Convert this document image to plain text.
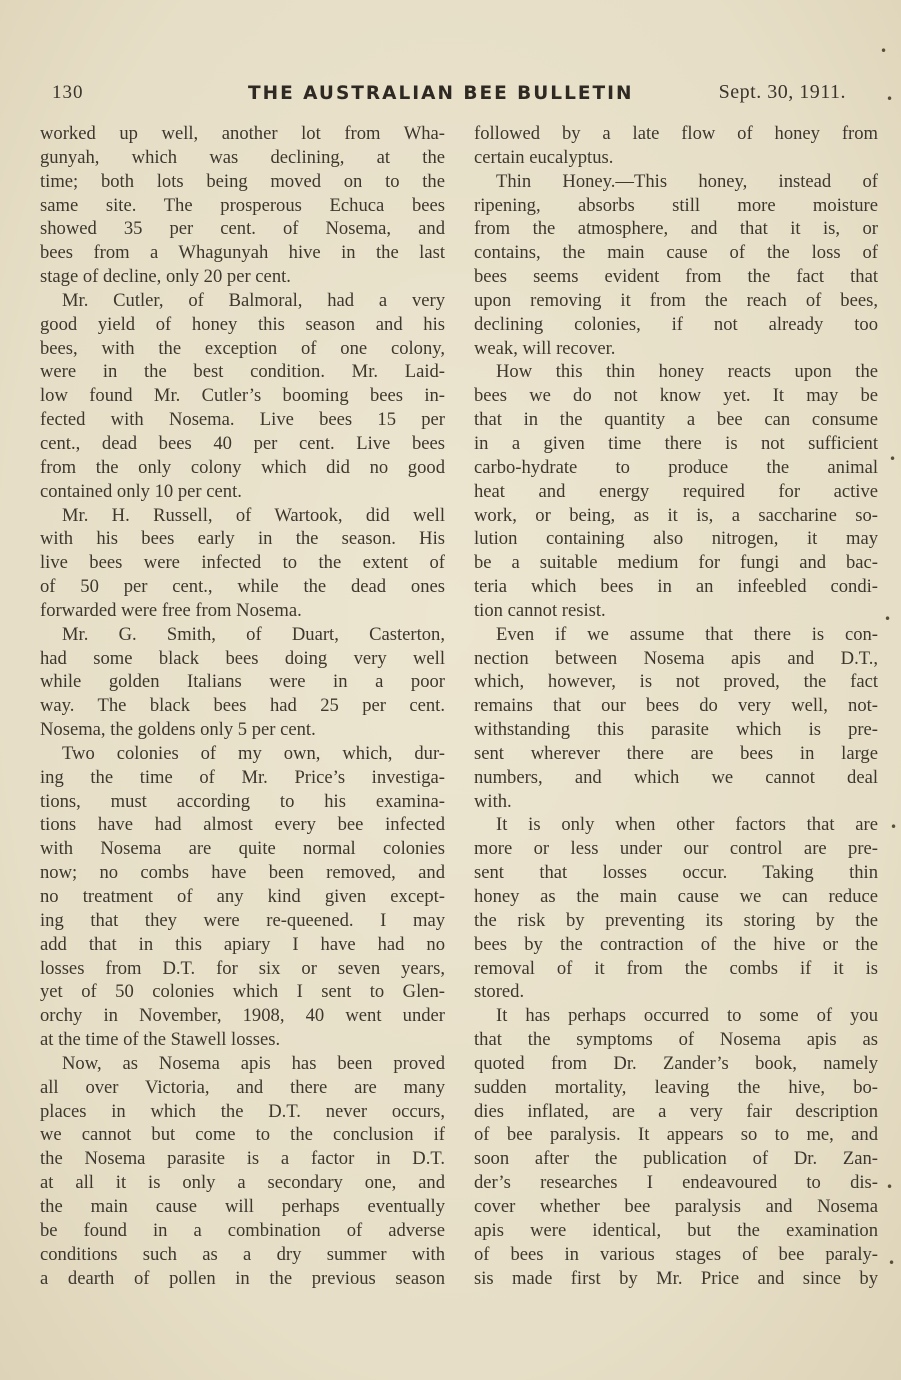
130	THE AUSTRALIAN BEE BULLETIN	Sept. 30, 1911.
worked up well, another lot from Wha-
gunyah, which was declining, at the
time; both lots being moved on to the
same site. The prosperous Echuca bees
showed 35 per cent. of Nosema, and
bees from a Whagunyah hive in the last
stage of decline, only 20 per cent.
Mr. Cutler, of Balmoral, had a very
good yield of honey this season and his
bees, with the exception of one colony,
were in the best condition. Mr. Laid-
low found Mr. Cutler’s booming bees in-
fected with Nosema. Live bees 15 per
cent., dead bees 40 per cent. Live bees
from the only colony which did no good
contained only 10 per cent.
Mr. H. Russell, of Wartook, did well
with his bees early in the season. His
live bees were infected to the extent of
of 50 per cent., while the dead ones
forwarded were free from Nosema.
Mr. G. Smith, of Duart, Casterton,
had some black bees doing very well
while golden Italians were in a poor
way. The black bees had 25 per cent.
Nosema, the goldens only 5 per cent.
Two colonies of my own, which, dur-
ing the time of Mr. Price’s investiga-
tions, must according to his examina-
tions have had almost every bee infected
with Nosema are quite normal colonies
now; no combs have been removed, and
no treatment of any kind given except-
ing that they were re-queened. I may
add that in this apiary I have had no
losses from D.T. for six or seven years,
yet of 50 colonies which I sent to Glen-
orchy in November, 1908, 40 went under
at the time of the Stawell losses.
Now, as Nosema apis has been proved
all over Victoria, and there are many
places in which the D.T. never occurs,
we cannot but come to the conclusion if
the Nosema parasite is a factor in D.T.
at all it is only a secondary one, and
the main cause will perhaps eventually
be found in a combination of adverse
conditions such as a dry summer with
a dearth of pollen in the previous season
followed by a late flow of honey from
certain eucalyptus.
Thin Honey.—This honey, instead of
ripening, absorbs still more moisture
from the atmosphere, and that it is, or
contains, the main cause of the loss of
bees seems evident from the fact that
upon removing it from the reach of bees,
declining colonies, if not already too
weak, will recover.
How this thin honey reacts upon the
bees we do not know yet. It may be
that in the quantity a bee can consume
in a given time there is not sufficient
carbo-hydrate to produce the animal
heat and energy required for active
work, or being, as it is, a saccharine so-
lution containing also nitrogen, it may
be a suitable medium for fungi and bac-
teria which bees in an infeebled condi-
tion cannot resist.
Even if we assume that there is con-
nection between Nosema apis and D.T.,
which, however, is not proved, the fact
remains that our bees do very well, not-
withstanding this parasite which is pre-
sent wherever there are bees in large
numbers, and which we cannot deal
with.
It is only when other factors that are
more or less under our control are pre-
sent that losses occur. Taking thin
honey as the main cause we can reduce
the risk by preventing its storing by the
bees by the contraction of the hive or the
removal of it from the combs if it is
stored.
It has perhaps occurred to some of you
that the symptoms of Nosema apis as
quoted from Dr. Zander’s book, namely
sudden mortality, leaving the hive, bo-
dies inflated, are a very fair description
of bee paralysis. It appears so to me, and
soon after the publication of Dr. Zan-
der’s researches I endeavoured to dis-
cover whether bee paralysis and Nosema
apis were identical, but the examination
of bees in various stages of bee paraly-
sis made first by Mr. Price and since by
•
•
•
•
•
•
•
